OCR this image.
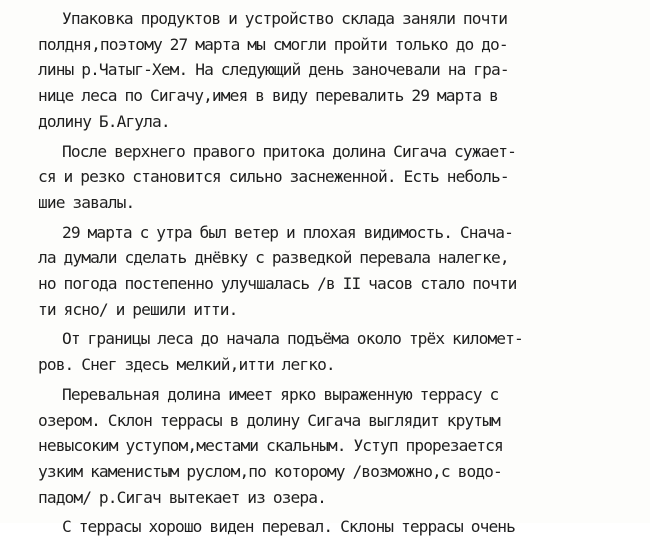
Упаковка продуктов и устройство склада заняли почти
полдня,поэтому 27 марта мы смогли пройти только до до-
лины р.Чатыг-Хем. На следующий день заночевали на гра-
нице леса по Сигачу,имея в виду перевалить 29 марта в
долину Б.Агула.

После верхнего правого притока долина Сигача сужает-
ся и резко становится сильно заснеженной. Есть неболь-
шие завалы.

29 марта с утра был ветер и плохая видимость. Снача-
ла думали сделать днёвку с разведкой перевала налегке,
но погода постепенно улучшалась /в II часов стало почти
ти ясно/ и решили итти.

От границы леса до начала подъёма около трёх километ-
ров. Снег здесь мелкий,итти легко.

Перевальная долина имеет ярко выраженную террасу с
озером. Склон террасы в долину Сигача выглядит крутым
невысоким уступом,местами скальным. Уступ прорезается
узким каменистым руслом,по которому /возможно,с водо-
падом/ р.Сигач вытекает из озера.

С террасы хорошо виден перевал. Склоны террасы очень
